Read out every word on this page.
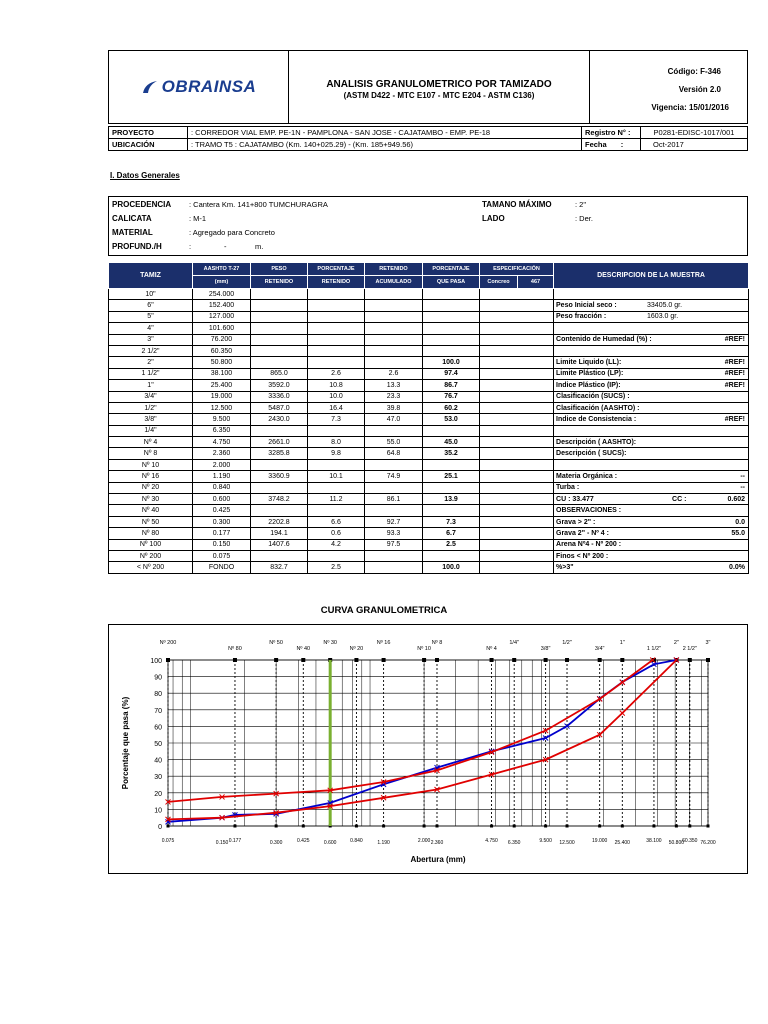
OBRAINSA	ANALISIS GRANULOMETRICO POR TAMIZADO
(ASTM D422 - MTC E107 - MTC E204 - ASTM C136)
Código: F-346
Versión 2.0
Vigencia: 15/01/2016
PROYECTO	: CORREDOR VIAL EMP. PE-1N - PAMPLONA - SAN JOSE - CAJATAMBO - EMP. PE-18	Registro N° :	P0281-EDISC-1017/001
UBICACIÓN	: TRAMO T5 : CAJATAMBO (Km. 140+025.29) - (Km. 185+949.56)	Fecha :	Oct-2017
I. Datos Generales
PROCEDENCIA : Cantera Km. 141+800 TUMCHURAGRA
CALICATA	: M-1
MATERIAL	: Agregado para Concreto
PROFUND./H	:	-	m.
TAMANO MÁXIMO	: 2"
LADO	: Der.
TAMIZ	AASHTO T-27	PESO	PORCENTAJE	RETENIDO	PORCENTAJE	ESPECIFICACIÓN		DESCRIPCION DE LA MUESTRA
	(mm)	RETENIDO	RETENIDO	ACUMULADO	QUE PASA	Concreo	467	
10"	254.000							

6"	152.400							Peso Inicial seco : 33405.0 gr.

5"	127.000							Peso fracción : 1603.0 gr.

4"	101.600							

3"	76.200							Contenido de Humedad (%) : #REF!

2 1/2"	60.350							

2"	50.800				100.0			Limite Liquido (LL): #REF!

1 1/2"	38.100	865.0	2.6	2.6	97.4			Limite Plástico (LP): #REF!

1"	25.400	3592.0	10.8	13.3	86.7			Indice Plástico (IP): #REF!

3/4"	19.000	3336.0	10.0	23.3	76.7			Clasificación (SUCS) :

1/2"	12.500	5487.0	16.4	39.8	60.2			Clasificación (AASHTO) :

3/8"	9.500	2430.0	7.3	47.0	53.0			Indice de Consistencia : #REF!

1/4"	6.350							

Nº 4	4.750	2661.0	8.0	55.0	45.0			Descripción ( AASHTO):

Nº 8	2.360	3285.8	9.8	64.8	35.2			Descripción ( SUCS):

Nº 10	2.000							

Nº 16	1.190	3360.9	10.1	74.9	25.1			Materia Orgánica : --

Nº 20	0.840							Turba : --

Nº 30	0.600	3748.2	11.2	86.1	13.9			CU : 33.477 CC : 0.602

Nº 40	0.425							OBSERVACIONES :

Nº 50	0.300	2202.8	6.6	92.7	7.3			Grava > 2" : 0.0

Nº 80	0.177	194.1	0.6	93.3	6.7			Grava 2" - Nº 4 : 55.0

Nº 100	0.150	1407.6	4.2	97.5	2.5			Arena Nº4 - Nº 200 :

Nº 200	0.075							Finos < Nº 200 :

< Nº 200	FONDO	832.7	2.5		100.0			%>3" 0.0%
CURVA GRANULOMETRICA
0
10
20
30
40
50
60
70
80
90
100
Nº 200
Nº 80
Nº 50
Nº 40
Nº 30
Nº 20
Nº 16
Nº 10
Nº 8
Nº 4
1/4"
3/8"
1/2"
3/4"
1"
1 1/2"
2"
2 1/2"
3"
0.075	0.150 0.177	0.300	0.425	0.600	0.840	1.190	2.000 2.360	4.750 6.350	9.500 12.500	19.000 25.400	38.100 50.800
60.350 76.200
Abertura (mm)
Porcentaje que pasa (%)
